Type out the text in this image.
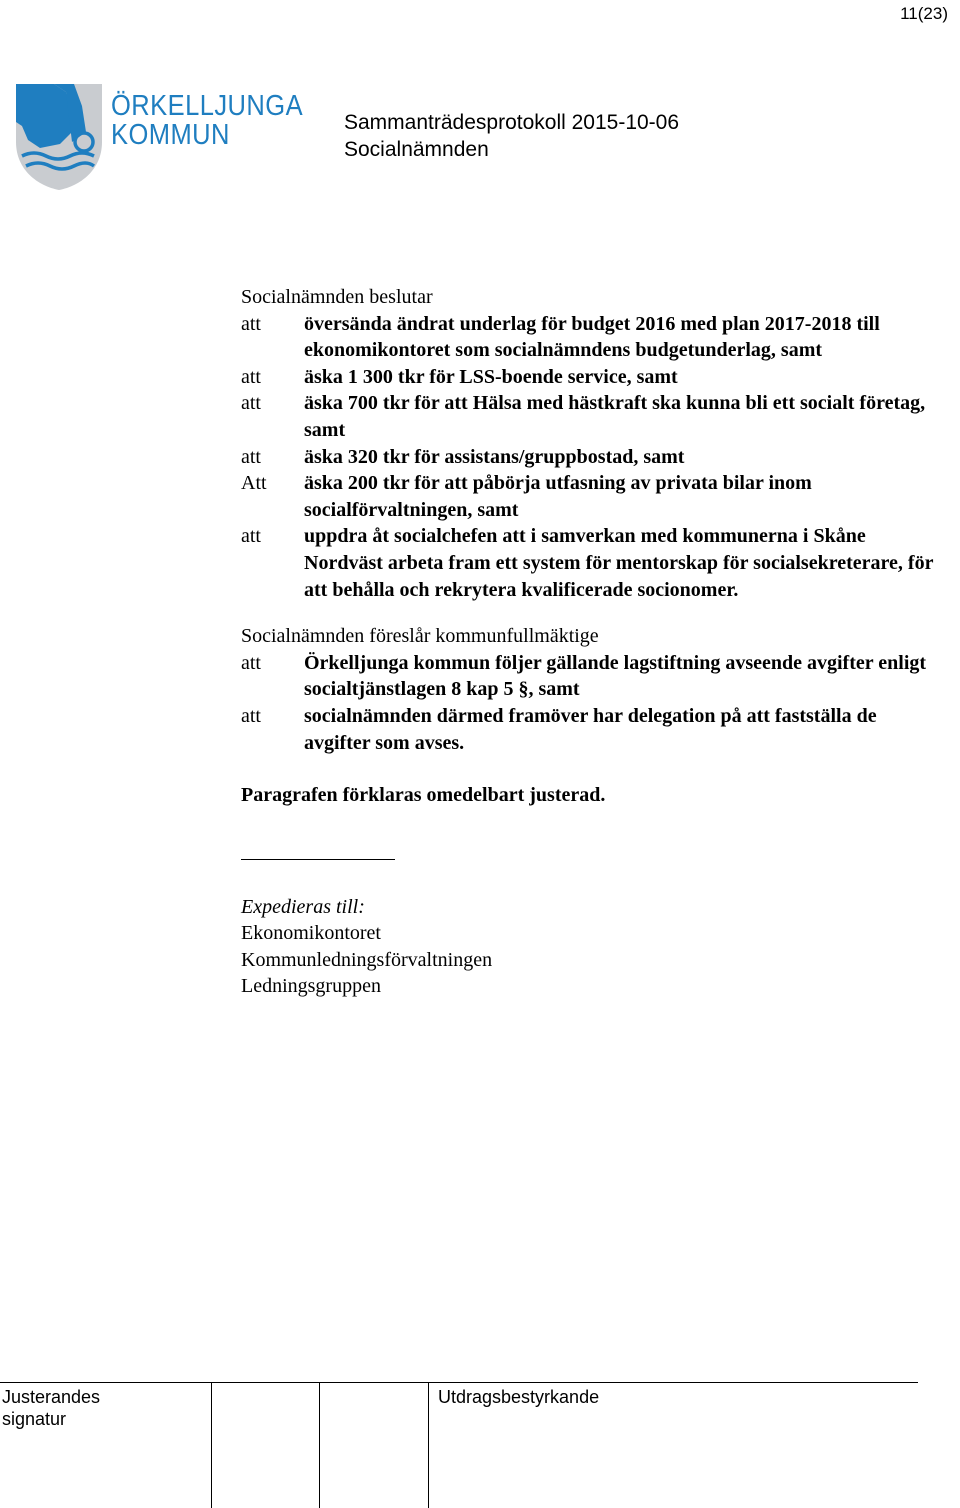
11(23)
ÖRKELLJUNGA
KOMMUN	Sammanträdesprotokoll 2015-10-06
Socialnämnden

Socialnämnden beslutar

att	översända ändrat underlag för budget 2016 med plan 2017-2018 till ekonomikontoret som socialnämndens budgetunderlag, samt
att	äska 1 300 tkr för LSS-boende service, samt
att	äska 700 tkr för att Hälsa med hästkraft ska kunna bli ett socialt företag, samt
att	äska 320 tkr för assistans/gruppbostad, samt
Att	äska 200 tkr för att påbörja utfasning av privata bilar inom socialförvaltningen, samt
att	uppdra åt socialchefen att i samverkan med kommunerna i Skåne Nordväst arbeta fram ett system för mentorskap för socialsekreterare, för att behålla och rekrytera kvalificerade socionomer.

Socialnämnden föreslår kommunfullmäktige

att	Örkelljunga kommun följer gällande lagstiftning avseende avgifter enligt socialtjänstlagen 8 kap 5 §, samt
att	socialnämnden därmed framöver har delegation på att fastställa de avgifter som avses.

Paragrafen förklaras omedelbart justerad.

Expedieras till:

Ekonomikontoret

Kommunledningsförvaltningen

Ledningsgruppen

Justerandes
signatur
Utdragsbestyrkande
